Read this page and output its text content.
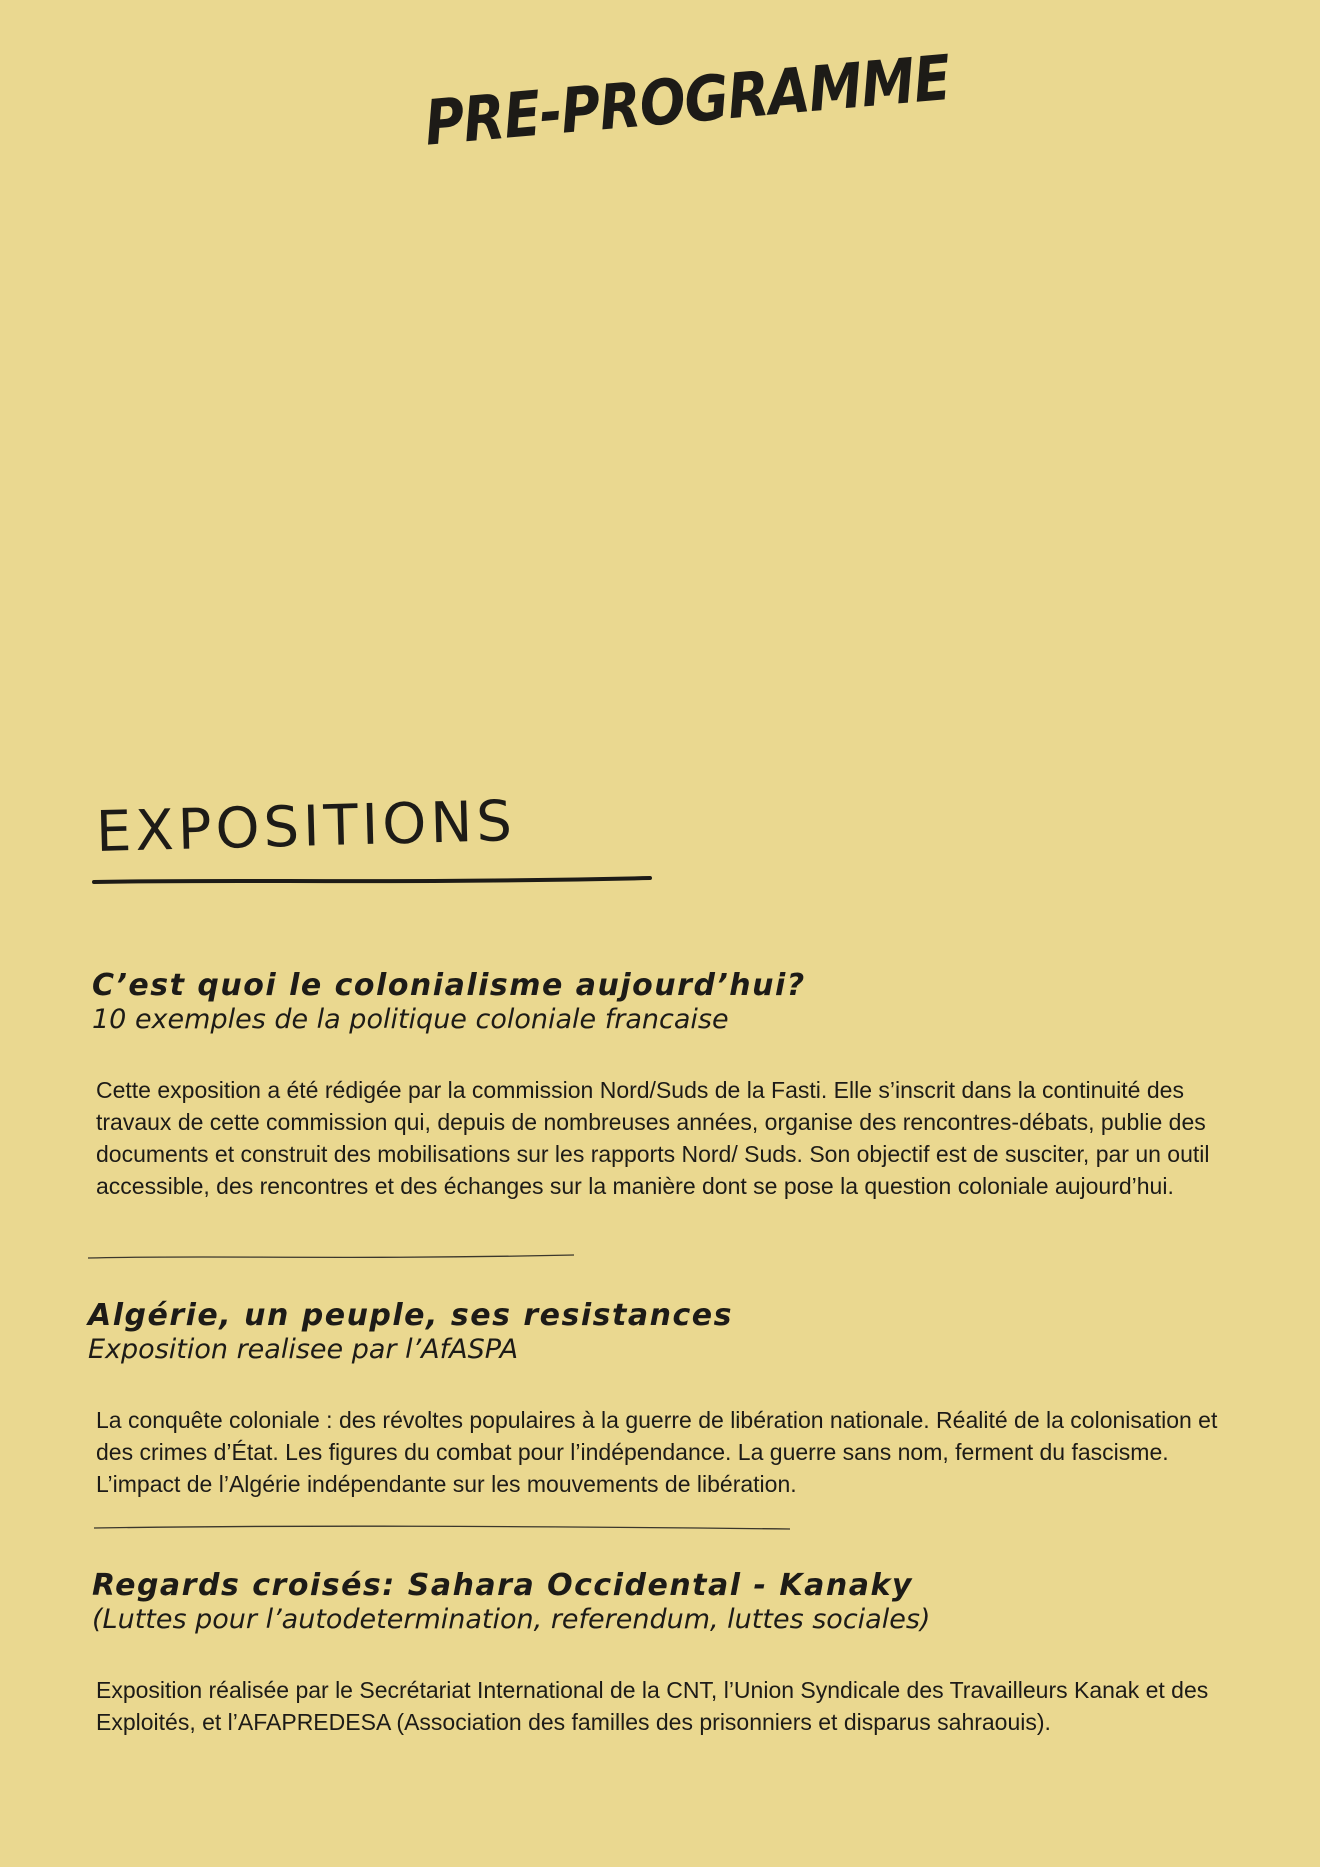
PRE-PROGRAMME
EXPOSITIONS
C’est quoi le colonialisme aujourd’hui?

10 exemples de la politique coloniale francaise

Cette exposition a été rédigée par la commission Nord/Suds de la Fasti. Elle s’inscrit dans la continuité des travaux de cette commission qui, depuis de nombreuses années, organise des rencontres-débats, publie des documents et construit des mobilisations sur les rapports Nord/ Suds. Son objectif est de susciter, par un outil accessible, des rencontres et des échanges sur la manière dont se pose la question coloniale aujourd’hui.

Algérie, un peuple, ses resistances

Exposition realisee par l’AfASPA

La conquête coloniale : des révoltes populaires à la guerre de libération nationale. Réalité de la colonisation et des crimes d’État. Les figures du combat pour l’indépendance. La guerre sans nom, ferment du fascisme. L’impact de l’Algérie indépendante sur les mouvements de libération.

Regards croisés: Sahara Occidental - Kanaky

(Luttes pour l’autodetermination, referendum, luttes sociales)

Exposition réalisée par le Secrétariat International de la CNT, l’Union Syndicale des Travailleurs Kanak et des Exploités, et l’AFAPREDESA (Association des familles des prisonniers et disparus sahraouis).
